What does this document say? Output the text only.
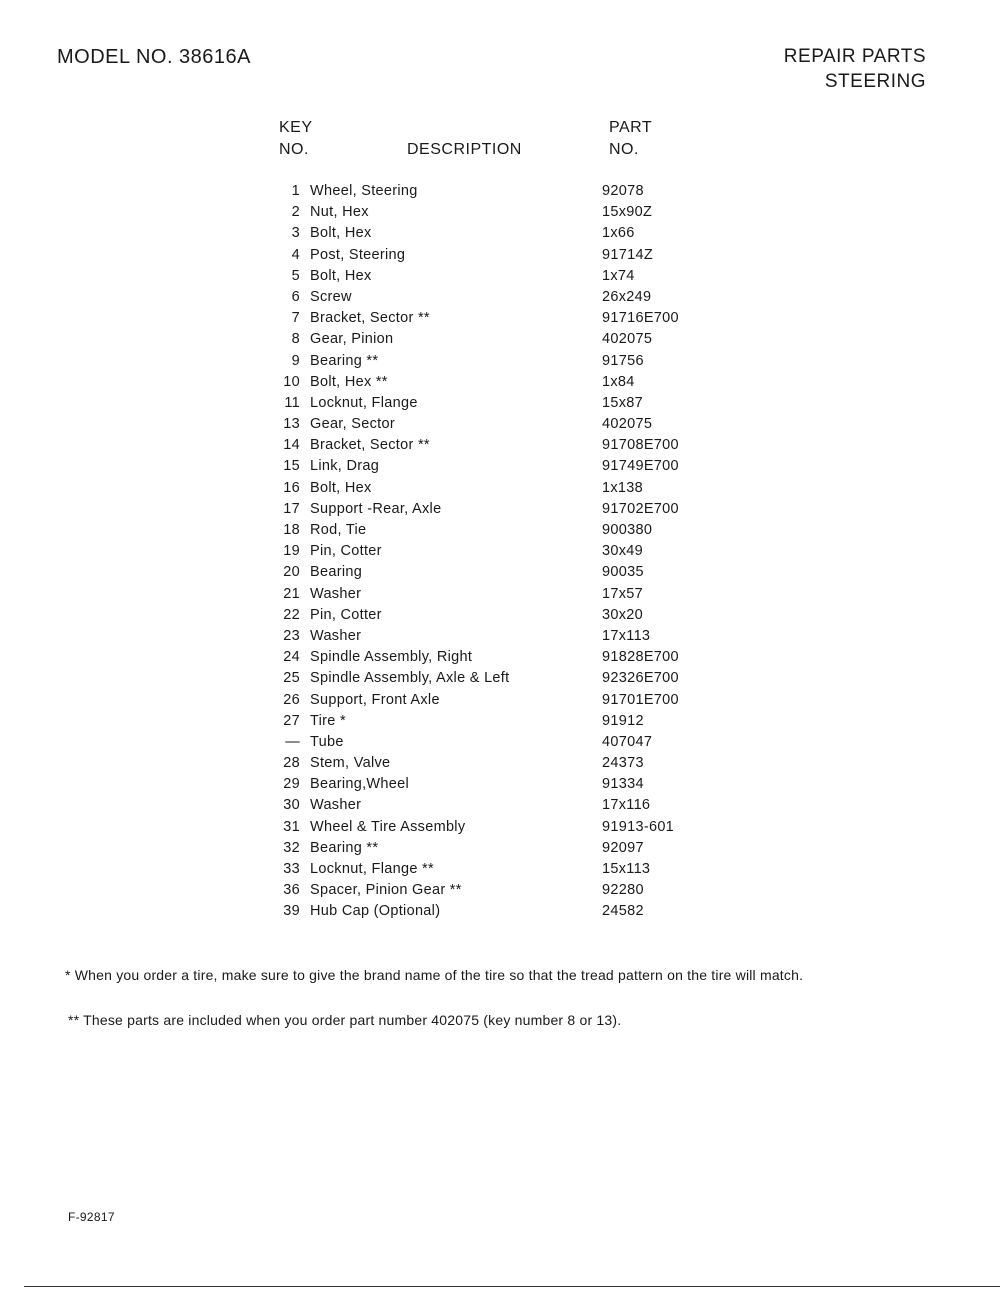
MODEL NO. 38616A	REPAIR PARTS
STEERING
KEY
NO.	DESCRIPTION
PART
NO.
1 Wheel, Steering	92078
2 Nut, Hex	15x90Z
3 Bolt, Hex	1x66
4 Post, Steering	91714Z
5 Bolt, Hex	1x74
6 Screw	26x249
7 Bracket, Sector **	91716E700
8 Gear, Pinion	402075
9 Bearing **	91756
10 Bolt, Hex **	1x84
11 Locknut, Flange	15x87
13 Gear, Sector	402075
14 Bracket, Sector **	91708E700
15 Link, Drag	91749E700
16 Bolt, Hex	1x138
17 Support -Rear, Axle	91702E700
18 Rod, Tie	900380
19 Pin, Cotter	30x49
20 Bearing	90035
21 Washer	17x57
22 Pin, Cotter	30x20
23 Washer	17x113
24 Spindle Assembly, Right	91828E700
25 Spindle Assembly, Axle & Left	92326E700
26 Support, Front Axle	91701E700
27 Tire *	91912
— Tube	407047
28 Stem, Valve	24373
29 Bearing,Wheel	91334
30 Washer	17x116
31 Wheel & Tire Assembly	91913-601
32 Bearing **	92097
33 Locknut, Flange **	15x113
36 Spacer, Pinion Gear **	92280
39 Hub Cap (Optional)	24582
* When you order a tire, make sure to give the brand name of the tire so that the tread pattern on the tire will match.
** These parts are included when you order part number 402075 (key number 8 or 13).
F-92817
